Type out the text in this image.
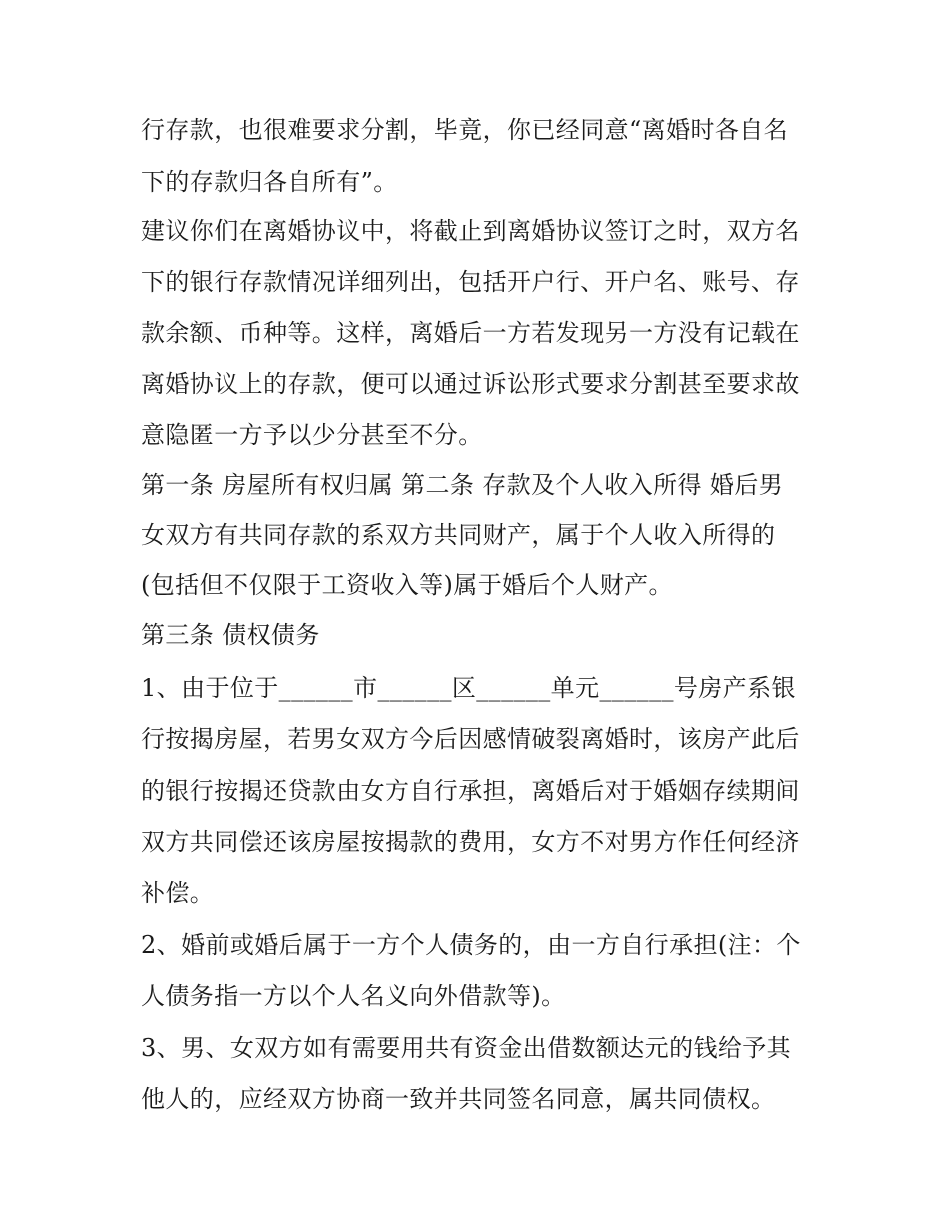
行存款，也很难要求分割，毕竟，你已经同意“离婚时各自名
下的存款归各自所有”。
建议你们在离婚协议中，将截止到离婚协议签订之时，双方名
下的银行存款情况详细列出，包括开户行、开户名、账号、存
款余额、币种等。这样，离婚后一方若发现另一方没有记载在
离婚协议上的存款，便可以通过诉讼形式要求分割甚至要求故
意隐匿一方予以少分甚至不分。
第一条 房屋所有权归属 第二条 存款及个人收入所得 婚后男
女双方有共同存款的系双方共同财产，属于个人收入所得的
(包括但不仅限于工资收入等)属于婚后个人财产。
第三条 债权债务
1、由于位于______市______区______单元______号房产系银
行按揭房屋，若男女双方今后因感情破裂离婚时，该房产此后
的银行按揭还贷款由女方自行承担，离婚后对于婚姻存续期间
双方共同偿还该房屋按揭款的费用，女方不对男方作任何经济
补偿。
2、婚前或婚后属于一方个人债务的，由一方自行承担(注：个
人债务指一方以个人名义向外借款等)。
3、男、女双方如有需要用共有资金出借数额达元的钱给予其
他人的，应经双方协商一致并共同签名同意，属共同债权。
